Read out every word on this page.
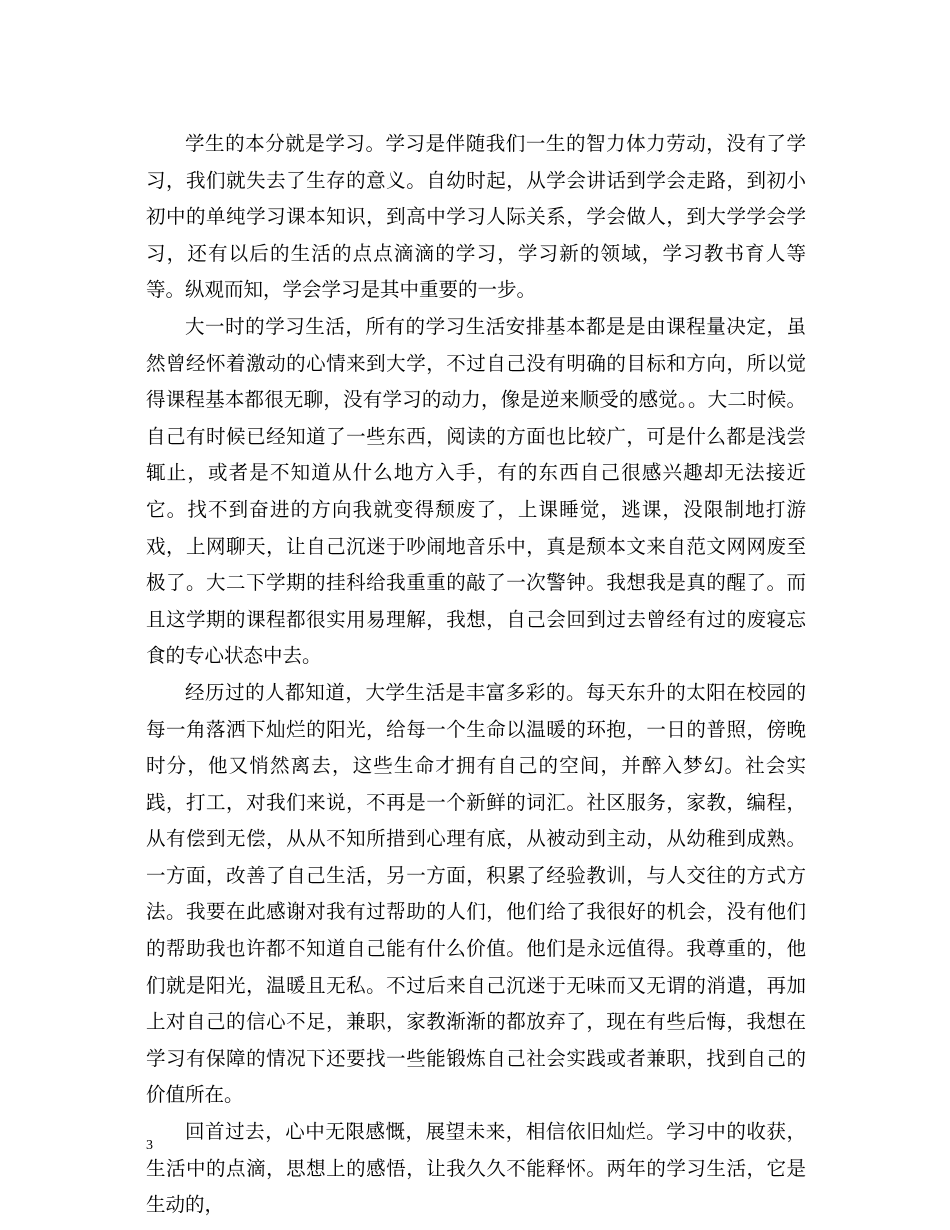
学生的本分就是学习。学习是伴随我们一生的智力体力劳动，没有了学习，我们就失去了生存的意义。自幼时起，从学会讲话到学会走路，到初小初中的单纯学习课本知识，到高中学习人际关系，学会做人，到大学学会学习，还有以后的生活的点点滴滴的学习，学习新的领域，学习教书育人等等。纵观而知，学会学习是其中重要的一步。

大一时的学习生活，所有的学习生活安排基本都是是由课程量决定，虽然曾经怀着激动的心情来到大学，不过自己没有明确的目标和方向，所以觉得课程基本都很无聊，没有学习的动力，像是逆来顺受的感觉。。大二时候。自己有时候已经知道了一些东西，阅读的方面也比较广，可是什么都是浅尝辄止，或者是不知道从什么地方入手，有的东西自己很感兴趣却无法接近它。找不到奋进的方向我就变得颓废了，上课睡觉，逃课，没限制地打游戏，上网聊天，让自己沉迷于吵闹地音乐中，真是颓本文来自范文网网废至极了。大二下学期的挂科给我重重的敲了一次警钟。我想我是真的醒了。而且这学期的课程都很实用易理解，我想，自己会回到过去曾经有过的废寝忘食的专心状态中去。

经历过的人都知道，大学生活是丰富多彩的。每天东升的太阳在校园的每一角落洒下灿烂的阳光，给每一个生命以温暖的环抱，一日的普照，傍晚时分，他又悄然离去，这些生命才拥有自己的空间，并醉入梦幻。社会实践，打工，对我们来说，不再是一个新鲜的词汇。社区服务，家教，编程，从有偿到无偿，从从不知所措到心理有底，从被动到主动，从幼稚到成熟。一方面，改善了自己生活，另一方面，积累了经验教训，与人交往的方式方法。我要在此感谢对我有过帮助的人们，他们给了我很好的机会，没有他们的帮助我也许都不知道自己能有什么价值。他们是永远值得。我尊重的，他们就是阳光，温暖且无私。不过后来自己沉迷于无味而又无谓的消遣，再加上对自己的信心不足，兼职，家教渐渐的都放弃了，现在有些后悔，我想在学习有保障的情况下还要找一些能锻炼自己社会实践或者兼职，找到自己的价值所在。

回首过去，心中无限感慨，展望未来，相信依旧灿烂。学习中的收获，生活中的点滴，思想上的感悟，让我久久不能释怀。两年的学习生活，它是生动的，

3
